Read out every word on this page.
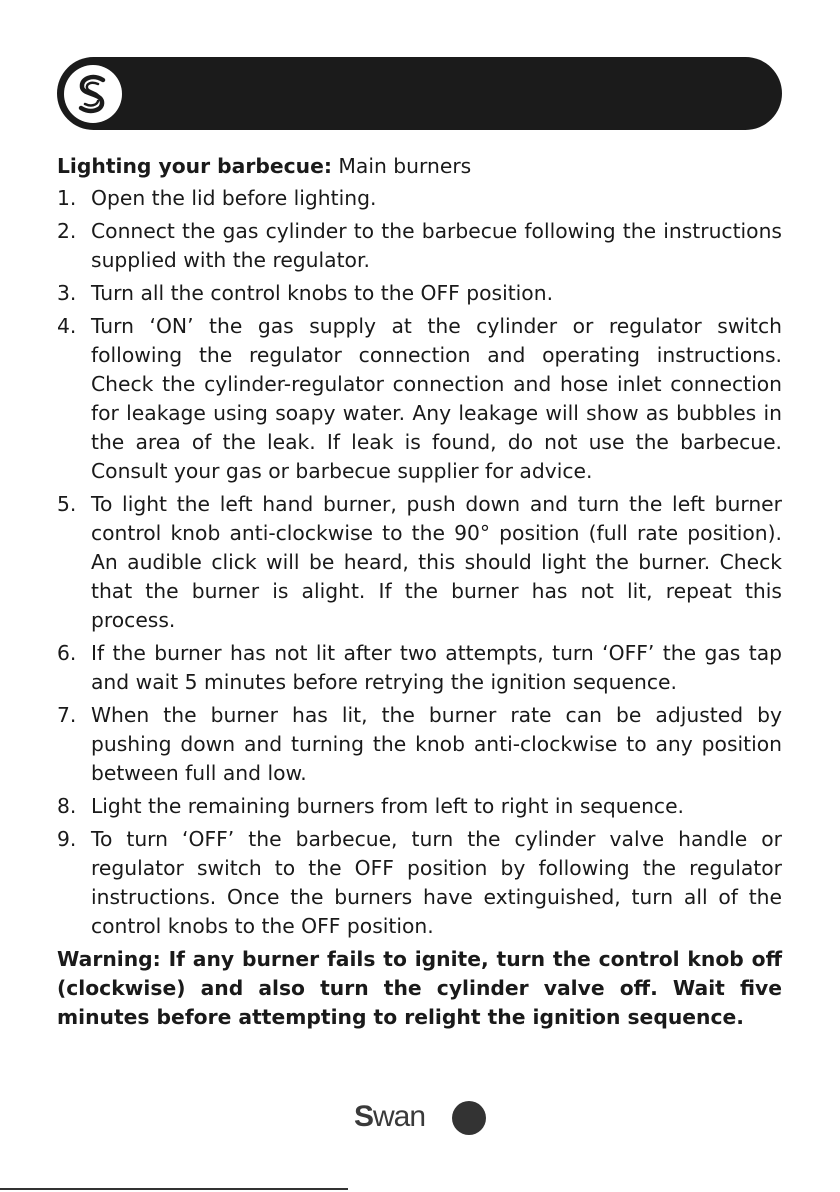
Lighting your barbecue: Main burners

1. Open the lid before lighting.
2. Connect the gas cylinder to the barbecue following the instructions supplied with the regulator.
3. Turn all the control knobs to the OFF position.
4. Turn ‘ON’ the gas supply at the cylinder or regulator switch following the regulator connection and operating instructions. Check the cylinder-regulator connection and hose inlet connection for leakage using soapy water. Any leakage will show as bubbles in the area of the leak. If leak is found, do not use the barbecue. Consult your gas or barbecue supplier for advice.
5. To light the left hand burner, push down and turn the left burner control knob anti-clockwise to the 90° position (full rate position). An audible click will be heard, this should light the burner. Check that the burner is alight. If the burner has not lit, repeat this process.
6. If the burner has not lit after two attempts, turn ‘OFF’ the gas tap and wait 5 minutes before retrying the ignition sequence.
7. When the burner has lit, the burner rate can be adjusted by pushing down and turning the knob anti-clockwise to any position between full and low.
8. Light the remaining burners from left to right in sequence.
9. To turn ‘OFF’ the barbecue, turn the cylinder valve handle or regulator switch to the OFF position by following the regulator instructions. Once the burners have extinguished, turn all of the control knobs to the OFF position.

Warning: If any burner fails to ignite, turn the control knob off (clockwise) and also turn the cylinder valve off. Wait five minutes before attempting to relight the ignition sequence.

Swan
